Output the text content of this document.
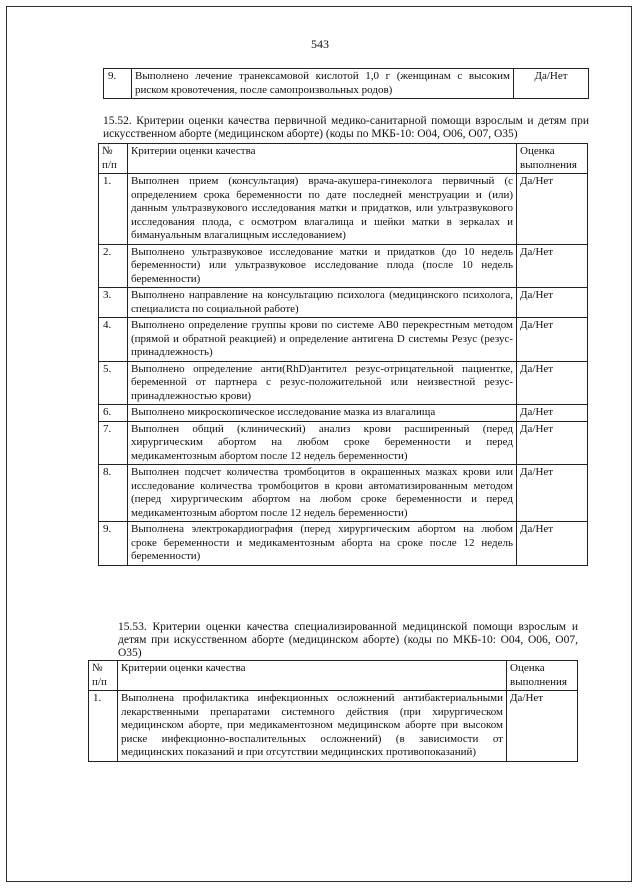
543
9.	Выполнено лечение транексамовой кислотой 1,0 г (женщинам с высоким риском кровотечения, после самопроизвольных родов)	Да/Нет
15.52. Критерии оценки качества первичной медико-санитарной помощи взрослым и детям при искусственном аборте (медицинском аборте) (коды по МКБ-10: O04, O06, O07, O35)
№ п/п	Критерии оценки качества	Оценка выполнения
1.	Выполнен прием (консультация) врача-акушера-гинеколога первичный (с определением срока беременности по дате последней менструации и (или) данным ультразвукового исследования матки и придатков, или ультразвукового исследования плода, с осмотром влагалища и шейки матки в зеркалах и бимануальным влагалищным исследованием)	Да/Нет
2.	Выполнено ультразвуковое исследование матки и придатков (до 10 недель беременности) или ультразвуковое исследование плода (после 10 недель беременности)	Да/Нет
3.	Выполнено направление на консультацию психолога (медицинского психолога, специалиста по социальной работе)	Да/Нет
4.	Выполнено определение группы крови по системе AB0 перекрестным методом (прямой и обратной реакцией) и определение антигена D системы Резус (резус-принадлежность)	Да/Нет
5.	Выполнено определение анти(RhD)антител резус-отрицательной пациентке, беременной от партнера с резус-положительной или неизвестной резус-принадлежностью крови)	Да/Нет
6.	Выполнено микроскопическое исследование мазка из влагалища	Да/Нет
7.	Выполнен общий (клинический) анализ крови расширенный (перед хирургическим абортом на любом сроке беременности и перед медикаментозным абортом после 12 недель беременности)	Да/Нет
8.	Выполнен подсчет количества тромбоцитов в окрашенных мазках крови или исследование количества тромбоцитов в крови автоматизированным методом (перед хирургическим абортом на любом сроке беременности и перед медикаментозным абортом после 12 недель беременности)	Да/Нет
9.	Выполнена электрокардиография (перед хирургическим абортом на любом сроке беременности и медикаментозным аборта на сроке после 12 недель беременности)	Да/Нет
15.53. Критерии оценки качества специализированной медицинской помощи взрослым и детям при искусственном аборте (медицинском аборте) (коды по МКБ-10: O04, O06, O07, O35)
№ п/п	Критерии оценки качества	Оценка выполнения
1.	Выполнена профилактика инфекционных осложнений антибактериальными лекарственными препаратами системного действия (при хирургическом медицинском аборте, при медикаментозном медицинском аборте при высоком риске инфекционно-воспалительных осложнений) (в зависимости от медицинских показаний и при отсутствии медицинских противопоказаний)	Да/Нет
